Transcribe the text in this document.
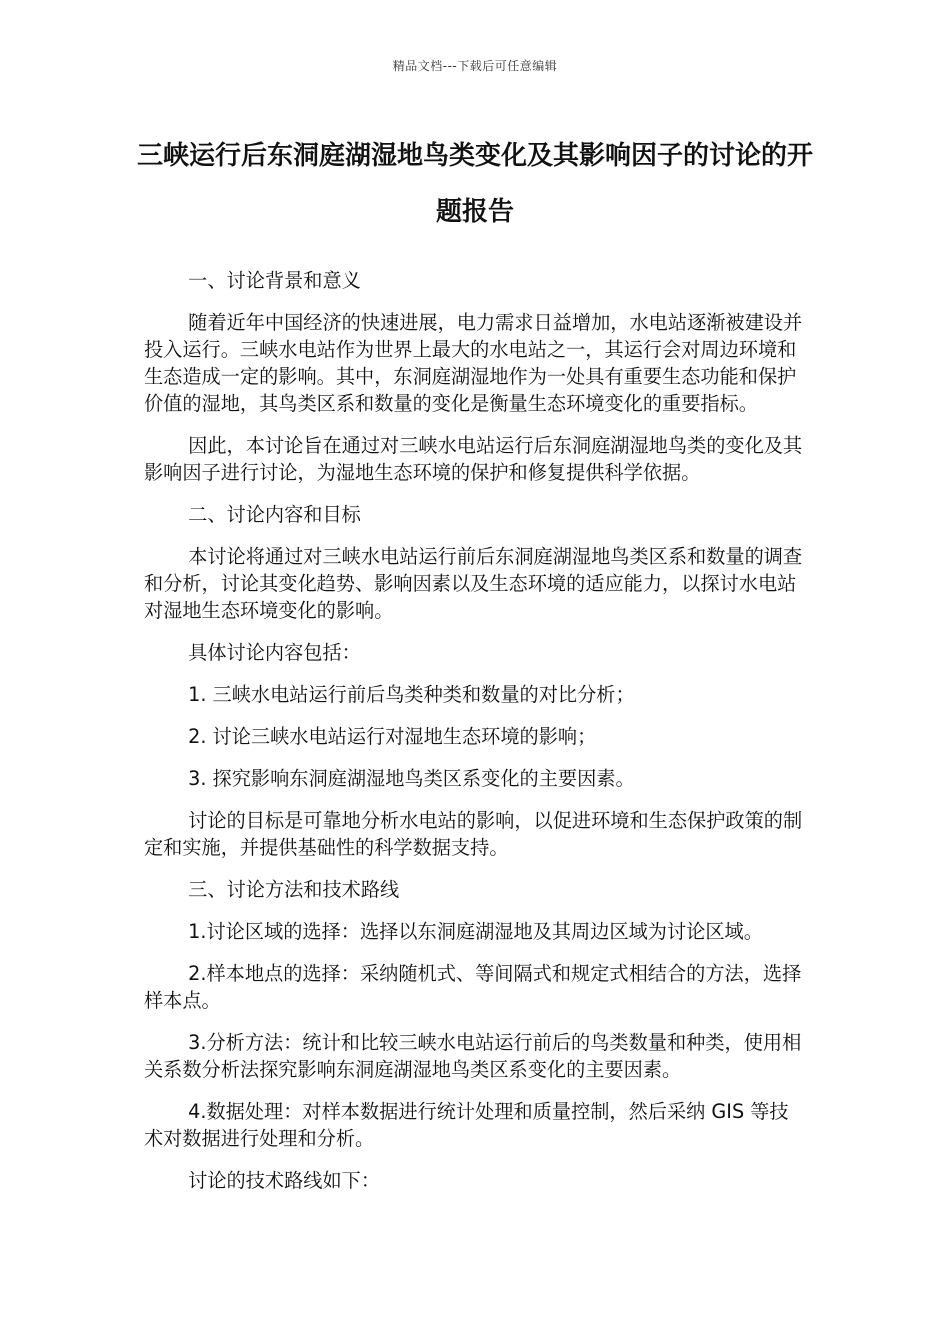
精品文档---下载后可任意编辑
三峡运行后东洞庭湖湿地鸟类变化及其影响因子的讨论的开题报告

一、讨论背景和意义

随着近年中国经济的快速进展，电力需求日益增加，水电站逐渐被建设并投入运行。三峡水电站作为世界上最大的水电站之一，其运行会对周边环境和生态造成一定的影响。其中，东洞庭湖湿地作为一处具有重要生态功能和保护价值的湿地，其鸟类区系和数量的变化是衡量生态环境变化的重要指标。

因此，本讨论旨在通过对三峡水电站运行后东洞庭湖湿地鸟类的变化及其影响因子进行讨论，为湿地生态环境的保护和修复提供科学依据。

二、讨论内容和目标

本讨论将通过对三峡水电站运行前后东洞庭湖湿地鸟类区系和数量的调查和分析，讨论其变化趋势、影响因素以及生态环境的适应能力，以探讨水电站对湿地生态环境变化的影响。

具体讨论内容包括：

1. 三峡水电站运行前后鸟类种类和数量的对比分析；

2. 讨论三峡水电站运行对湿地生态环境的影响；

3. 探究影响东洞庭湖湿地鸟类区系变化的主要因素。

讨论的目标是可靠地分析水电站的影响，以促进环境和生态保护政策的制定和实施，并提供基础性的科学数据支持。

三、讨论方法和技术路线

1.讨论区域的选择：选择以东洞庭湖湿地及其周边区域为讨论区域。

2.样本地点的选择：采纳随机式、等间隔式和规定式相结合的方法，选择样本点。

3.分析方法：统计和比较三峡水电站运行前后的鸟类数量和种类，使用相关系数分析法探究影响东洞庭湖湿地鸟类区系变化的主要因素。

4.数据处理：对样本数据进行统计处理和质量控制，然后采纳 GIS 等技术对数据进行处理和分析。

讨论的技术路线如下：
